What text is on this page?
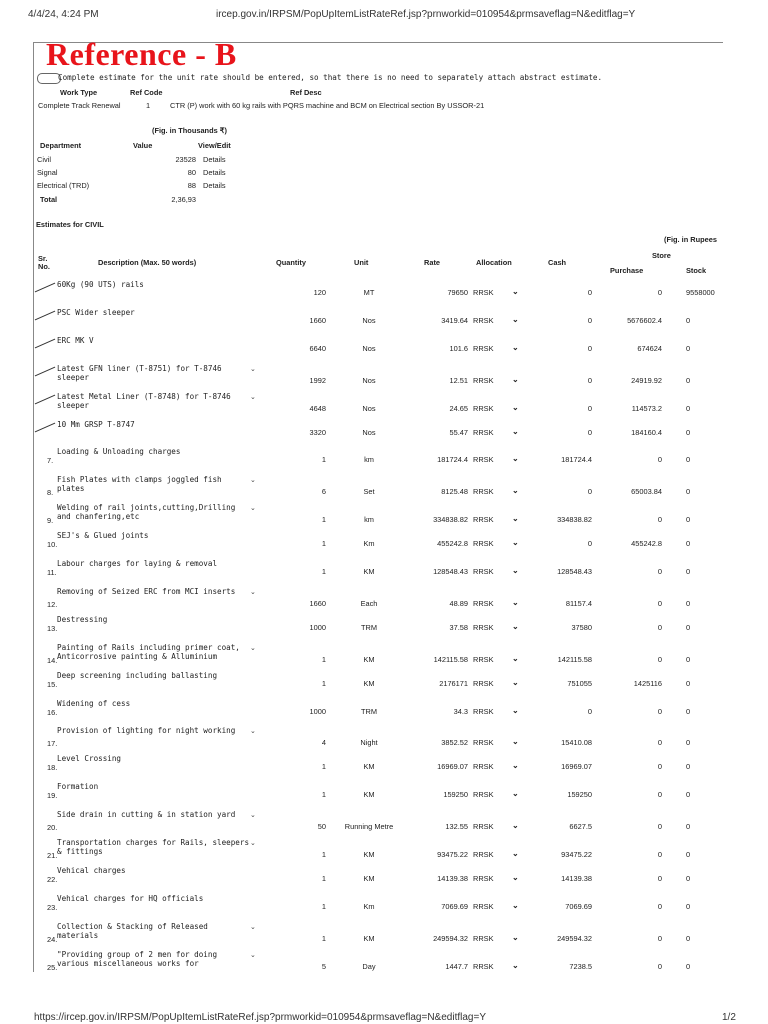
4/4/24, 4:24 PM	ircep.gov.in/IRPSM/PopUpItemListRateRef.jsp?prnworkid=010954&prmsaveflag=N&editflag=Y
Reference - B
Complete estimate for the unit rate should be entered, so that there is no need to separately attach abstract estimate.
Work Type	Ref Code	Ref Desc
Complete Track Renewal	1	CTR (P) work with 60 kg rails with PQRS machine and BCM on Electrical section By USSOR-21
(Fig. in Thousands ₹)
Department	Value	View/Edit
Civil	23528 Details
Signal	80 Details
Electrical (TRD)	88 Details
Total	2,36,93
Estimates for CIVIL
(Fig. in Rupees
Sr.
No.	Description (Max. 50 words)	Quantity	Unit	Rate	Allocation	Cash
Store
Purchase	Stock
60Kg (90 UTS) rails
120	MT	79650 RRSK ⌄	0	0	9558000
PSC Wider sleeper
1660	Nos	3419.64 RRSK ⌄	0	5676602.4	0
ERC MK V
6640	Nos	101.6 RRSK ⌄	0	674624	0
Latest GFN liner (T-8751) for T-8746 sleeper
⌄
1992	Nos	12.51 RRSK ⌄	0	24919.92	0
Latest Metal Liner (T-8748) for T-8746 sleeper
⌄
4648	Nos	24.65 RRSK ⌄	0	114573.2	0
10 Mm GRSP T-8747
3320	Nos	55.47 RRSK ⌄	0	184160.4	0
7.
Loading & Unloading charges
1	km	181724.4 RRSK ⌄	181724.4	0	0
8.
Fish Plates with clamps joggled fish plates
⌄
6	Set	8125.48 RRSK ⌄	0	65003.84	0
9.
Welding of rail joints,cutting,Drilling and chanfering,etc
⌄
1	km	334838.82 RRSK ⌄	334838.82	0	0
10.
SEJ's & Glued joints
1	Km	455242.8 RRSK ⌄	0	455242.8	0
11.
Labour charges for laying & removal
1	KM	128548.43 RRSK ⌄	128548.43	0	0
12.
Removing of Seized ERC from MCI inserts	⌄
1660	Each	48.89 RRSK ⌄	81157.4	0	0
13.
Destressing
1000	TRM	37.58 RRSK ⌄	37580	0	0
14.
Painting of Rails including primer coat, Anticorrosive painting & Alluminium
⌄
1	KM	142115.58 RRSK ⌄	142115.58	0	0
15.
Deep screening including ballasting
1	KM	2176171 RRSK ⌄	751055	1425116	0
16.
Widening of cess
1000	TRM	34.3 RRSK ⌄	0	0	0
17.
Provision of lighting for night working	⌄
4	Night	3852.52 RRSK ⌄	15410.08	0	0
18.
Level Crossing
1	KM	16969.07 RRSK ⌄	16969.07	0	0
19.
Formation
1	KM	159250 RRSK ⌄	159250	0	0
20.
Side drain in cutting & in station yard	⌄
50	Running Metre	132.55 RRSK ⌄	6627.5	0	0
21.
Transportation charges for Rails, sleepers & fittings
⌄
1	KM	93475.22 RRSK ⌄	93475.22	0	0
22.
Vehical charges
1	KM	14139.38 RRSK ⌄	14139.38	0	0
23.
Vehical charges for HQ officials
1	Km	7069.69 RRSK ⌄	7069.69	0	0
24.
Collection & Stacking of Released materials
⌄
1	KM	249594.32 RRSK ⌄	249594.32	0	0
25.
"Providing group of 2 men for doing various miscellaneous works for
⌄
5	Day	1447.7 RRSK ⌄	7238.5	0	0
https://ircep.gov.in/IRPSM/PopUpItemListRateRef.jsp?prmworkid=010954&prmsaveflag=N&editflag=Y	1/2
